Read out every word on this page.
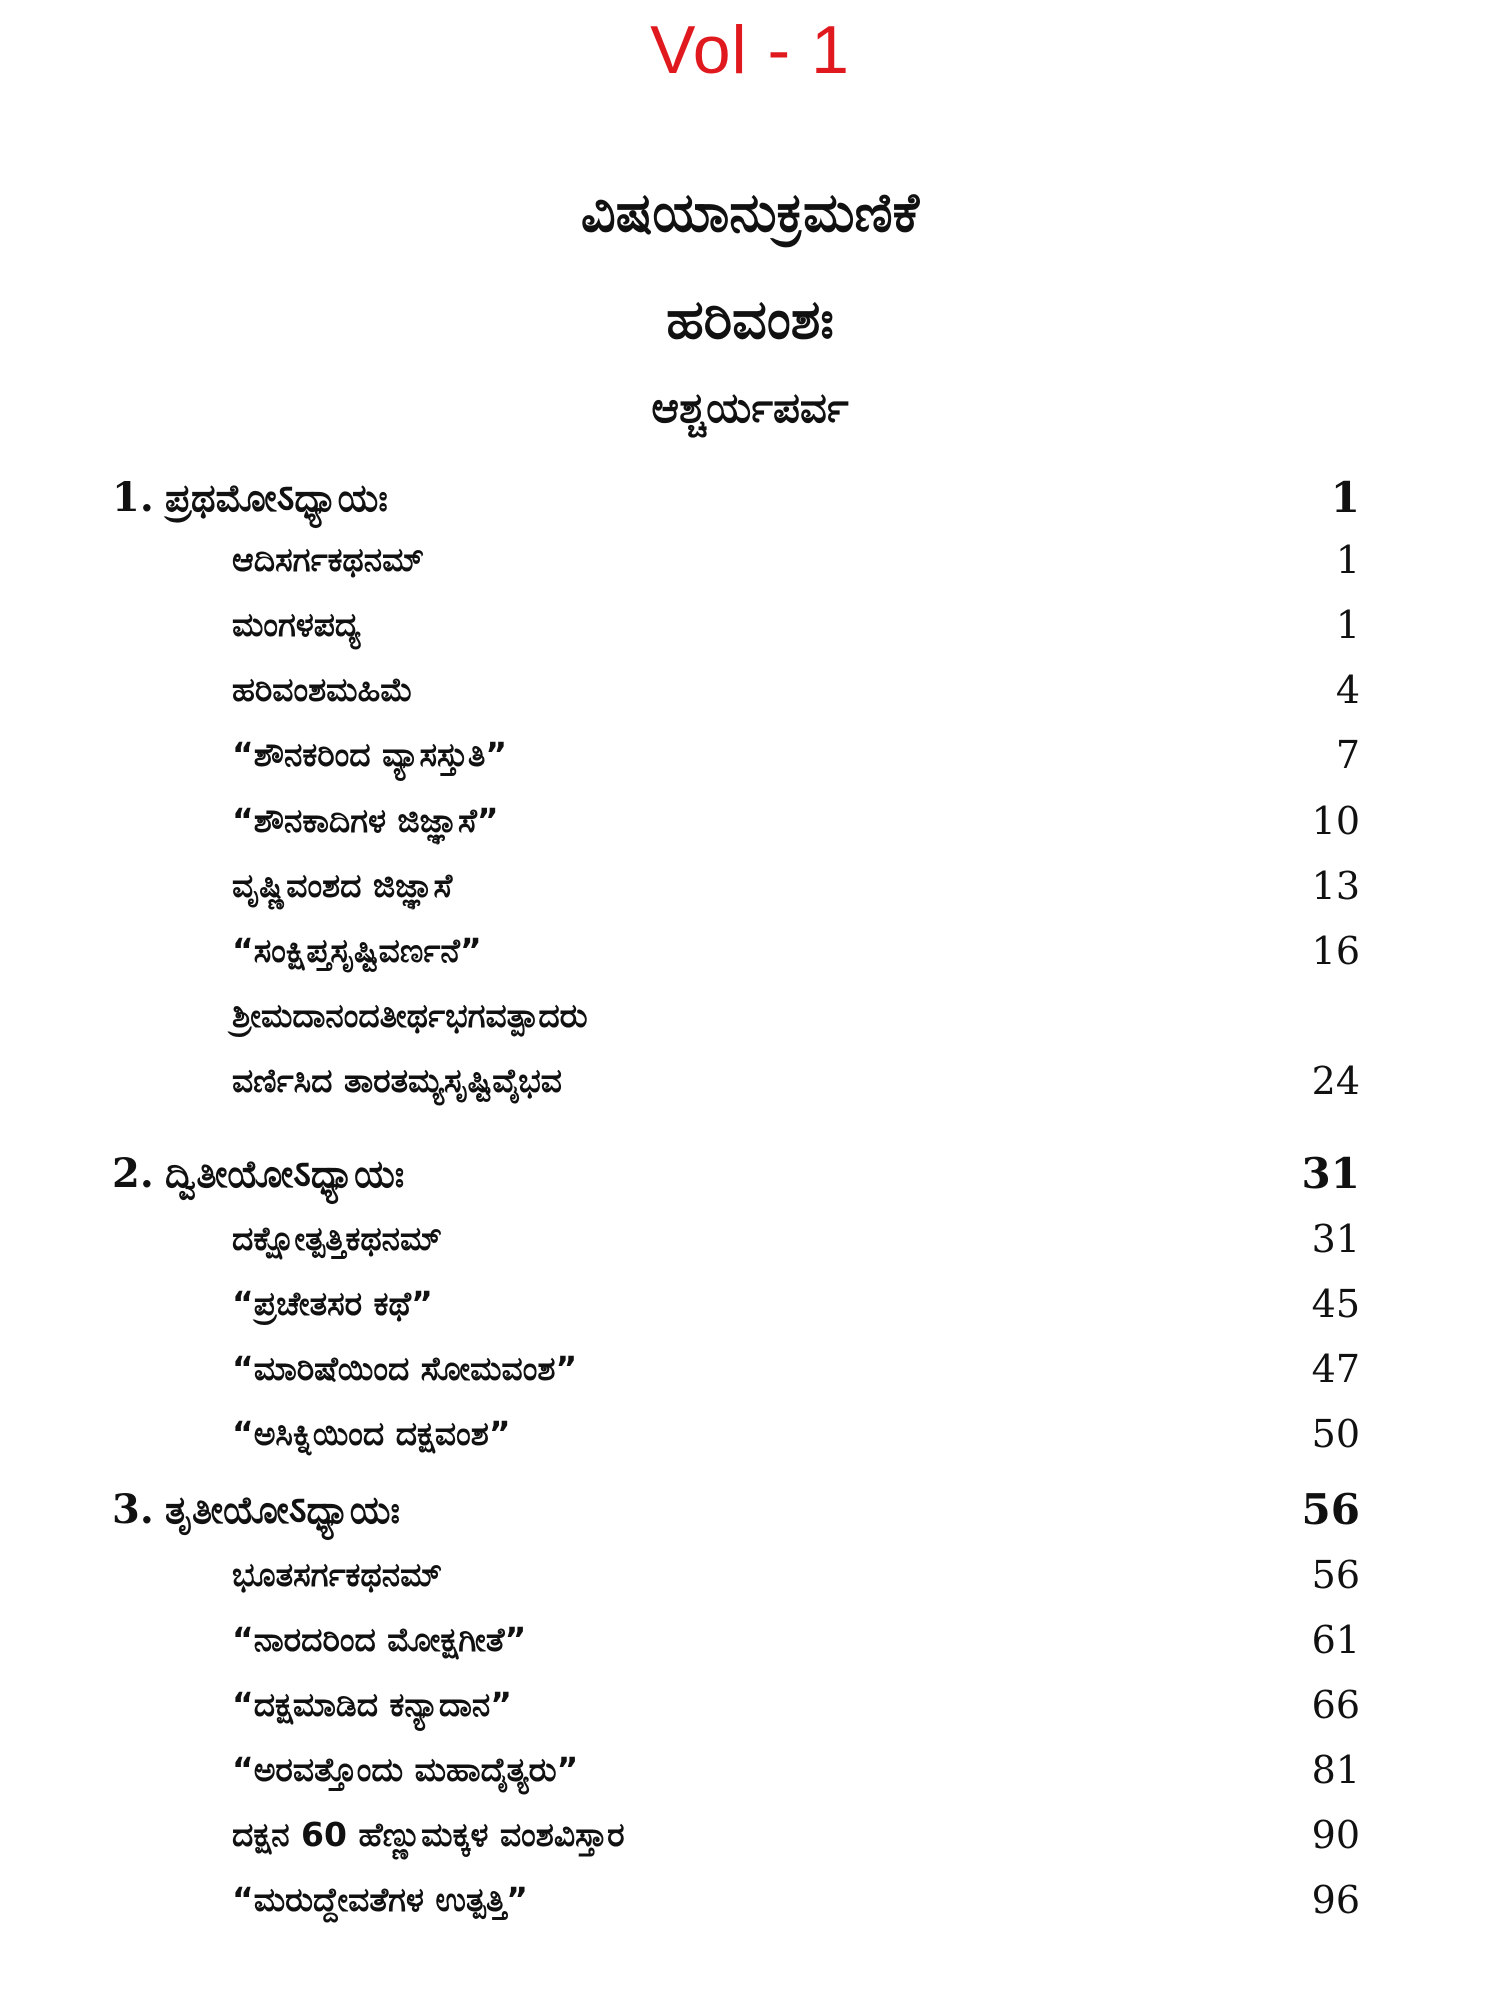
Vol - 1
ವಿಷಯಾನುಕ್ರಮಣಿಕೆ
ಹರಿವಂಶಃ
ಆಶ್ಚರ್ಯಪರ್ವ
1. ಪ್ರಥಮೋऽಧ್ಯಾಯಃ	1
ಆದಿಸರ್ಗಕಥನಮ್	1
ಮಂಗಳಪದ್ಯ	1
ಹರಿವಂಶಮಹಿಮೆ	4
“ಶೌನಕರಿಂದ ವ್ಯಾಸಸ್ತುತಿ”	7
“ಶೌನಕಾದಿಗಳ ಜಿಜ್ಞಾಸೆ”	10
ವೃಷ್ಣಿವಂಶದ ಜಿಜ್ಞಾಸೆ	13
“ಸಂಕ್ಷಿಪ್ತಸೃಷ್ಟಿವರ್ಣನೆ”	16
ಶ್ರೀಮದಾನಂದತೀರ್ಥಭಗವತ್ಪಾದರು
ವರ್ಣಿಸಿದ ತಾರತಮ್ಯಸೃಷ್ಟಿವೈಭವ	24
2. ದ್ವಿತೀಯೋऽಧ್ಯಾಯಃ	31
ದಕ್ಷೋತ್ಪತ್ತಿಕಥನಮ್	31
“ಪ್ರಚೇತಸರ ಕಥೆ”	45
“ಮಾರಿಷೆಯಿಂದ ಸೋಮವಂಶ”	47
“ಅಸಿಕ್ನಿಯಿಂದ ದಕ್ಷವಂಶ”	50
3. ತೃತೀಯೋऽಧ್ಯಾಯಃ	56
ಭೂತಸರ್ಗಕಥನಮ್	56
“ನಾರದರಿಂದ ಮೋಕ್ಷಗೀತೆ”	61
“ದಕ್ಷಮಾಡಿದ ಕನ್ಯಾದಾನ”	66
“ಅರವತ್ತೊಂದು ಮಹಾದೈತ್ಯರು”	81
ದಕ್ಷನ 60 ಹೆಣ್ಣುಮಕ್ಕಳ ವಂಶವಿಸ್ತಾರ	90
“ಮರುದ್ದೇವತೆಗಳ ಉತ್ಪತ್ತಿ”	96
